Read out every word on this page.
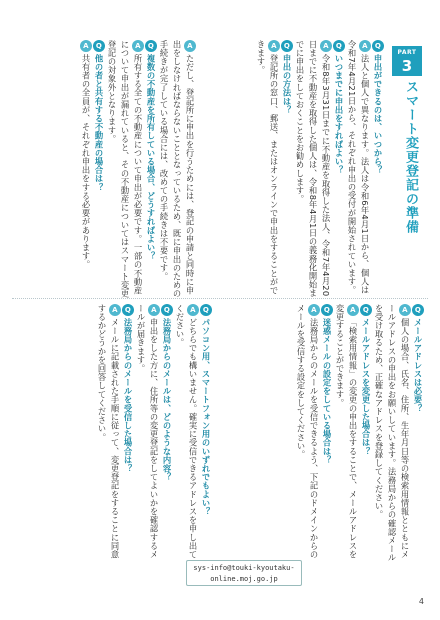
PART
3
スマート変更登記の準備
Q申出ができるのは、いつから？
A法人と個人で異なります。法人は令和6年4月1日から、個人は令和7年4月21日から、それぞれ申出の受付が開始されています。
Qいつまでに申出をすればよい？
A令和8年3月31日までに不動産を取得した法人、令和7年4月20日までに不動産を取得した個人は、令和8年4月1日の義務化開始までに申出をしておくことをお勧めします。
Q申出の方法は？
A登記所の窓口、郵送、またはオンラインで申出をすることができます。
Aただし、登記所に申出を行うためには、登記の申請と同時に申出をしなければならないこととなっているため、既に申出のための手続きが完了している場合には、改めての手続きは不要です。
Q複数の不動産を所有している場合、どうすればよい？
A所有する全ての不動産について申出が必要です。一部の不動産について申出が漏れていると、その不動産についてはスマート変更登記の対象外となります。
Q他の者と共有する不動産の場合は？
A共有者の全員が、それぞれ申出をする必要があります。
Qメールアドレスは必要？
A個人の場合、氏名、住所、生年月日等の検索用情報とともにメールアドレスの申出をお願いしています。法務局からの確認メールを受け取るため、正確なアドレスを登録してください。
Qメールアドレスを変更した場合は？
A「検索用情報」の変更の申出をすることで、メールアドレスを変更することができます。
Q迷惑メールの設定をしている場合は？
A法務局からのメールを受信できるよう、下記のドメインからのメールを受信する設定をしてください。
Qパソコン用、スマートフォン用のいずれでもよい？
Aどちらでも構いません。確実に受信できるアドレスを申し出てください。
Q法務局からのメールは、どのような内容？
A申出をした方に、住所等の変更登記をしてよいかを確認するメールが届きます。
Q法務局からのメールを受信した場合は？
Aメールに記載された手順に従って、変更登記をすることに同意するかどうかを回答してください。
sys-info@touki-kyoutaku-
online.moj.go.jp
4
